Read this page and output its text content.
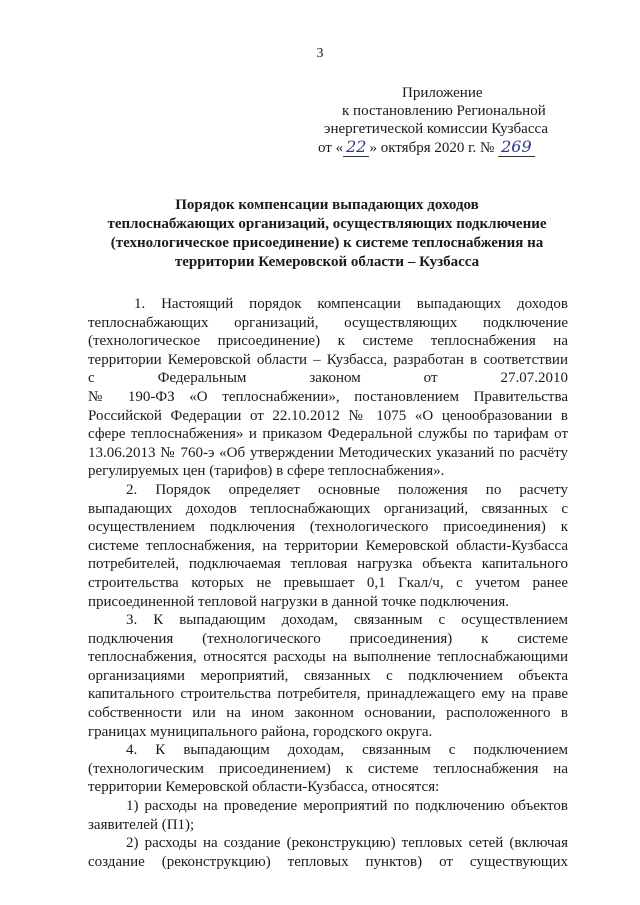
3
Приложение
к постановлению Региональной
энергетической комиссии Кузбасса
от « 22 » октября 2020 г. № 269
Порядок компенсации выпадающих доходов
теплоснабжающих организаций, осуществляющих подключение
(технологическое присоединение) к системе теплоснабжения на
территории Кемеровской области – Кузбасса
1. Настоящий порядок компенсации выпадающих доходов
теплоснабжающих организаций, осуществляющих подключение
(технологическое присоединение) к системе теплоснабжения на
территории Кемеровской области – Кузбасса, разработан в соответствии
с Федеральным законом от 27.07.2010
№ 190-ФЗ «О теплоснабжении», постановлением Правительства
Российской Федерации от 22.10.2012 № 1075 «О ценообразовании в
сфере теплоснабжения» и приказом Федеральной службы по тарифам от
13.06.2013 № 760-э «Об утверждении Методических указаний по расчёту
регулируемых цен (тарифов) в сфере теплоснабжения».
2. Порядок определяет основные положения по расчету
выпадающих доходов теплоснабжающих организаций, связанных с
осуществлением подключения (технологического присоединения) к
системе теплоснабжения, на территории Кемеровской области-Кузбасса
потребителей, подключаемая тепловая нагрузка объекта капитального
строительства которых не превышает 0,1 Гкал/ч, с учетом ранее
присоединенной тепловой нагрузки в данной точке подключения.
3. К выпадающим доходам, связанным с осуществлением
подключения (технологического присоединения) к системе
теплоснабжения, относятся расходы на выполнение теплоснабжающими
организациями мероприятий, связанных с подключением объекта
капитального строительства потребителя, принадлежащего ему на праве
собственности или на ином законном основании, расположенного в
границах муниципального района, городского округа.
4. К выпадающим доходам, связанным с подключением
(технологическим присоединением) к системе теплоснабжения на
территории Кемеровской области-Кузбасса, относятся:
1) расходы на проведение мероприятий по подключению объектов
заявителей (П1);
2) расходы на создание (реконструкцию) тепловых сетей (включая
создание (реконструкцию) тепловых пунктов) от существующих
